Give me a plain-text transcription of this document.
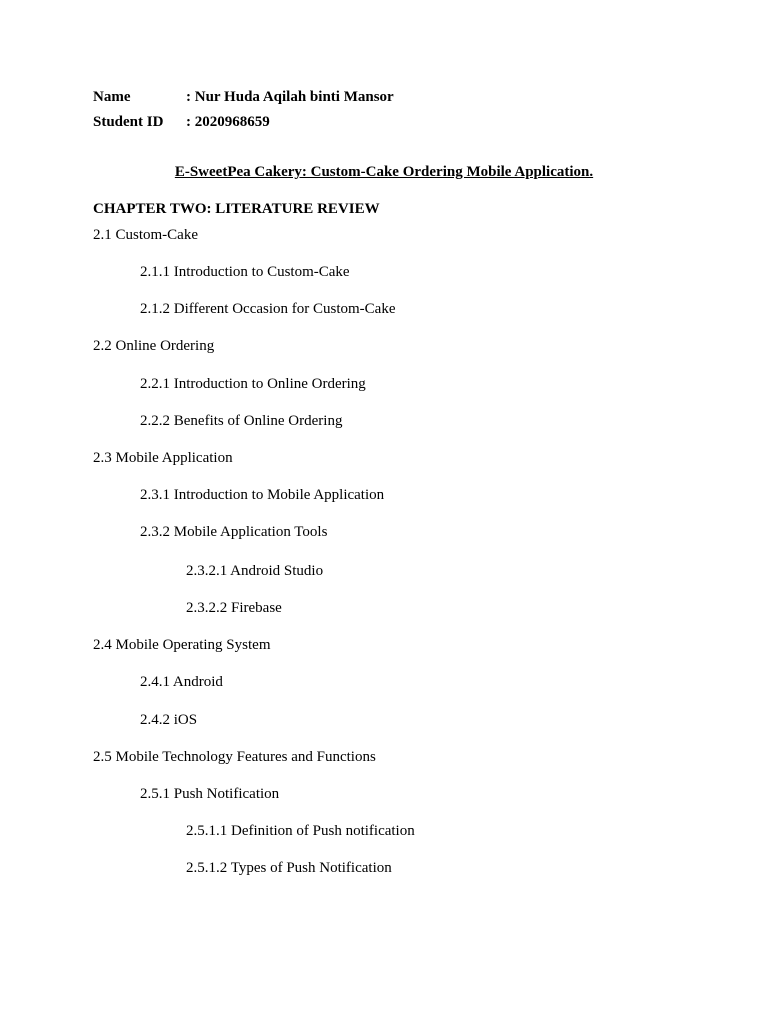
Name	: Nur Huda Aqilah binti Mansor
Student ID : 2020968659
E-SweetPea Cakery: Custom-Cake Ordering Mobile Application.
CHAPTER TWO: LITERATURE REVIEW
2.1 Custom-Cake
2.1.1 Introduction to Custom-Cake
2.1.2 Different Occasion for Custom-Cake
2.2 Online Ordering
2.2.1 Introduction to Online Ordering
2.2.2 Benefits of Online Ordering
2.3 Mobile Application
2.3.1 Introduction to Mobile Application
2.3.2 Mobile Application Tools
2.3.2.1 Android Studio
2.3.2.2 Firebase
2.4 Mobile Operating System
2.4.1 Android
2.4.2 iOS
2.5 Mobile Technology Features and Functions
2.5.1 Push Notification
2.5.1.1 Definition of Push notification
2.5.1.2 Types of Push Notification
